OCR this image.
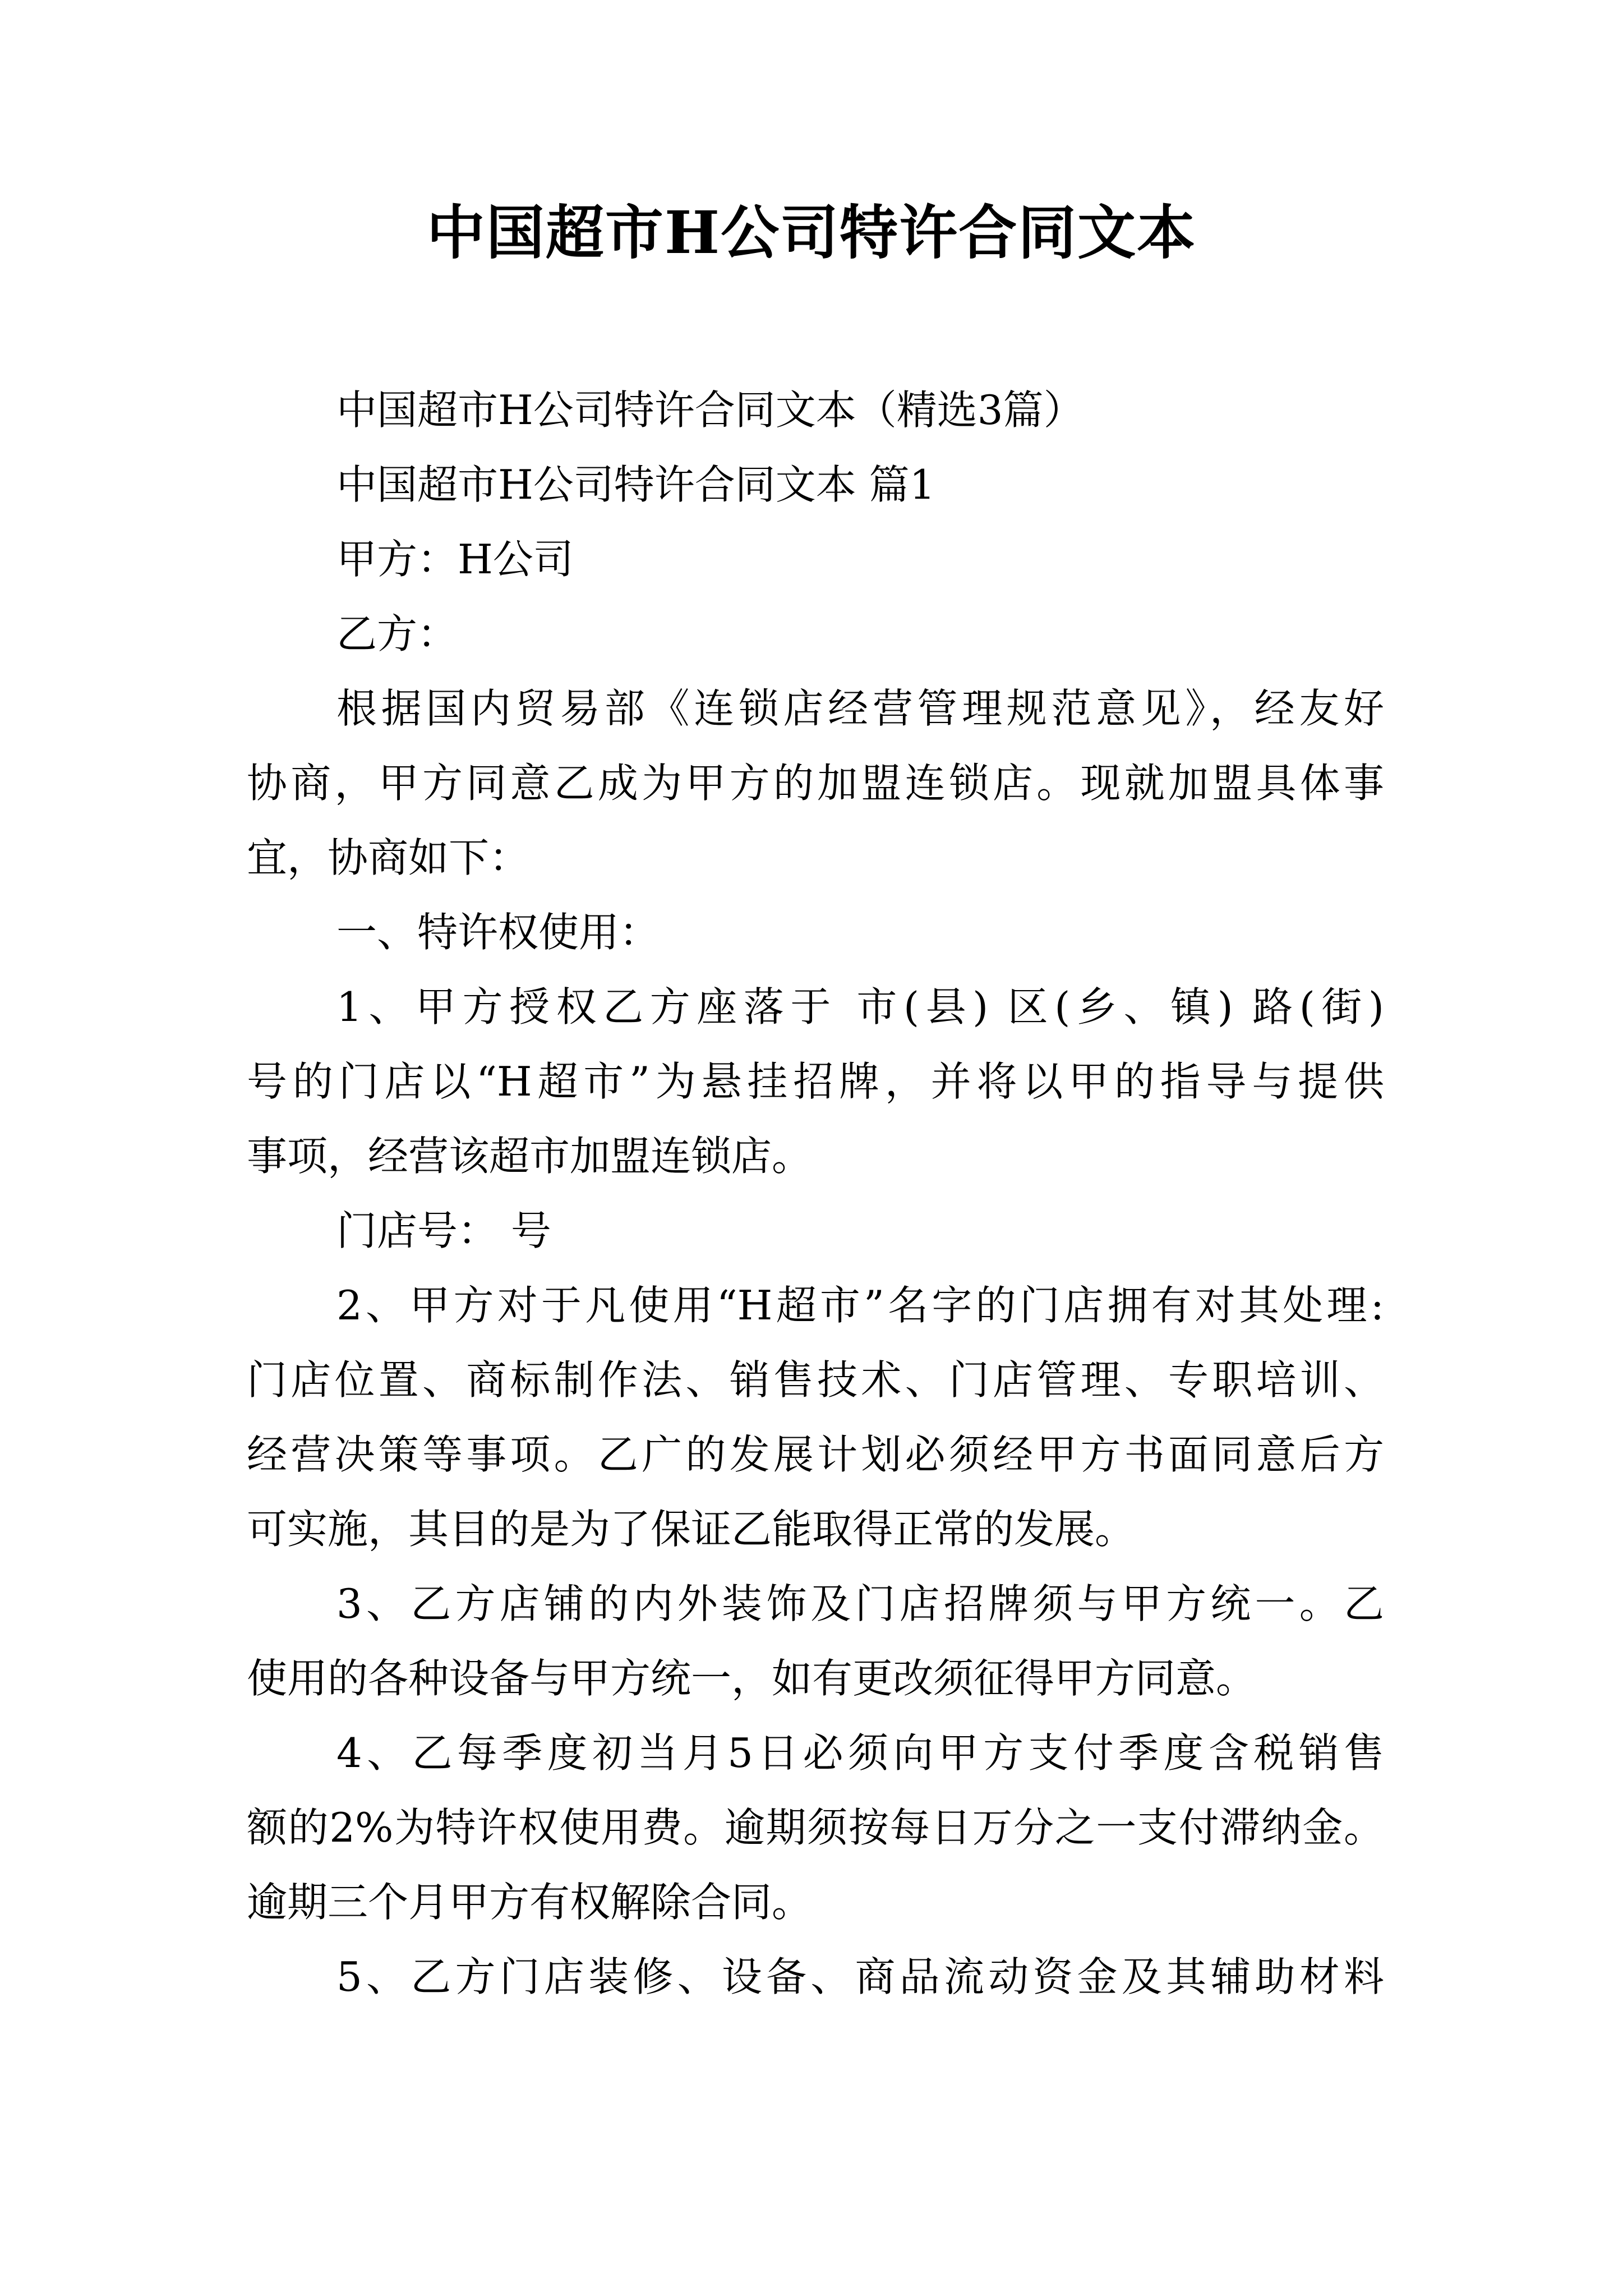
中国超市H公司特许合同文本
中国超市H公司特许合同文本（精选3篇）
中国超市H公司特许合同文本 篇1
甲方：H公司
乙方：
根据国内贸易部《连锁店经营管理规范意见》，经友好
协商，甲方同意乙成为甲方的加盟连锁店。现就加盟具体事
宜，协商如下：
一、特许权使用：
1、甲方授权乙方座落于 市(县) 区(乡、镇) 路(街)
号的门店以“H超市”为悬挂招牌，并将以甲的指导与提供
事项，经营该超市加盟连锁店。
门店号： 号
2、甲方对于凡使用“H超市”名字的门店拥有对其处理:
门店位置、商标制作法、销售技术、门店管理、专职培训、
经营决策等事项。乙广的发展计划必须经甲方书面同意后方
可实施，其目的是为了保证乙能取得正常的发展。
3、乙方店铺的内外装饰及门店招牌须与甲方统一。乙
使用的各种设备与甲方统一，如有更改须征得甲方同意。
4、乙每季度初当月5日必须向甲方支付季度含税销售
额的2%为特许权使用费。逾期须按每日万分之一支付滞纳金。
逾期三个月甲方有权解除合同。
5、乙方门店装修、设备、商品流动资金及其辅助材料
